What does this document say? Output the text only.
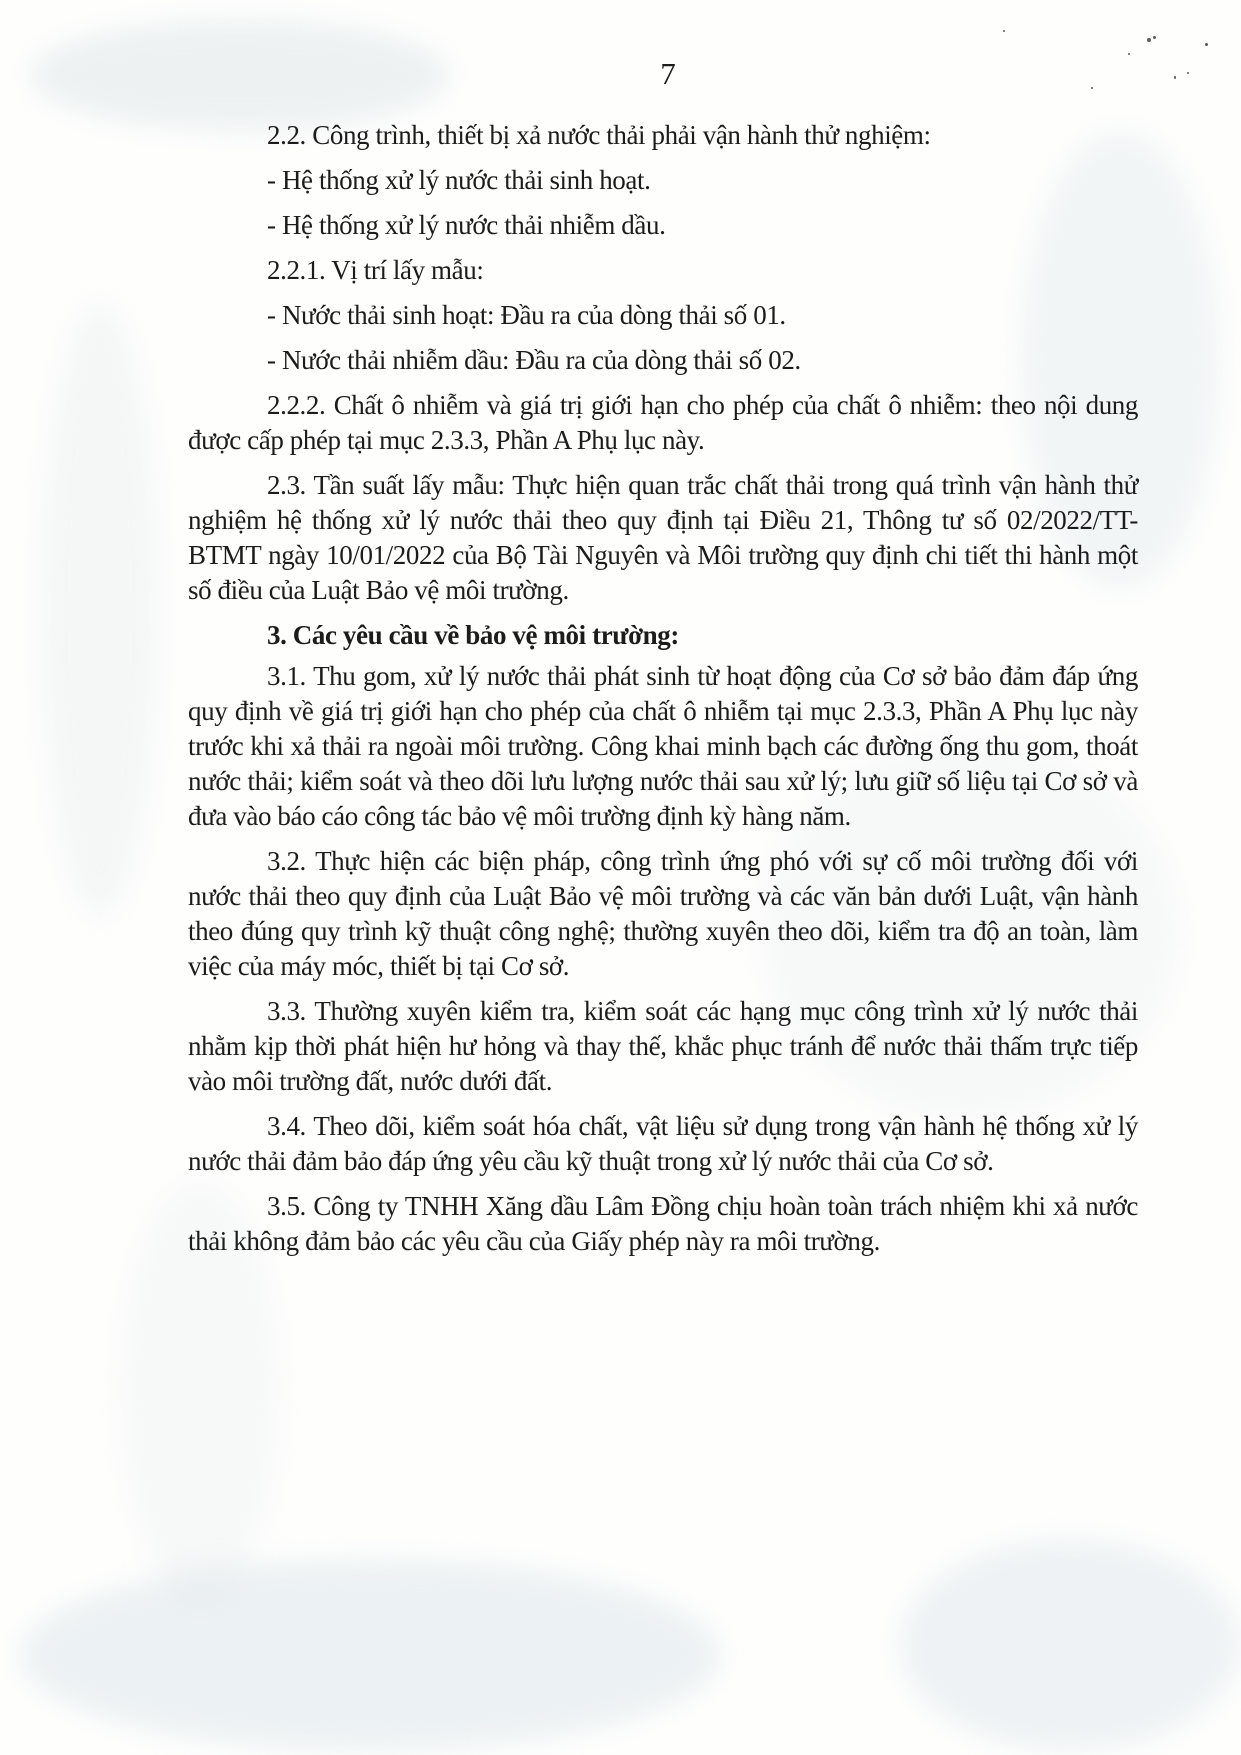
7

2.2. Công trình, thiết bị xả nước thải phải vận hành thử nghiệm:

- Hệ thống xử lý nước thải sinh hoạt.

- Hệ thống xử lý nước thải nhiễm dầu.

2.2.1. Vị trí lấy mẫu:

- Nước thải sinh hoạt: Đầu ra của dòng thải số 01.

- Nước thải nhiễm dầu: Đầu ra của dòng thải số 02.

2.2.2. Chất ô nhiễm và giá trị giới hạn cho phép của chất ô nhiễm: theo nội dung được cấp phép tại mục 2.3.3, Phần A Phụ lục này.

2.3. Tần suất lấy mẫu: Thực hiện quan trắc chất thải trong quá trình vận hành thử nghiệm hệ thống xử lý nước thải theo quy định tại Điều 21, Thông tư số 02/2022/TT- BTMT ngày 10/01/2022 của Bộ Tài Nguyên và Môi trường quy định chi tiết thi hành một số điều của Luật Bảo vệ môi trường.

3. Các yêu cầu về bảo vệ môi trường:

3.1. Thu gom, xử lý nước thải phát sinh từ hoạt động của Cơ sở bảo đảm đáp ứng quy định về giá trị giới hạn cho phép của chất ô nhiễm tại mục 2.3.3, Phần A Phụ lục này trước khi xả thải ra ngoài môi trường. Công khai minh bạch các đường ống thu gom, thoát nước thải; kiểm soát và theo dõi lưu lượng nước thải sau xử lý; lưu giữ số liệu tại Cơ sở và đưa vào báo cáo công tác bảo vệ môi trường định kỳ hàng năm.

3.2. Thực hiện các biện pháp, công trình ứng phó với sự cố môi trường đối với nước thải theo quy định của Luật Bảo vệ môi trường và các văn bản dưới Luật, vận hành theo đúng quy trình kỹ thuật công nghệ; thường xuyên theo dõi, kiểm tra độ an toàn, làm việc của máy móc, thiết bị tại Cơ sở.

3.3. Thường xuyên kiểm tra, kiểm soát các hạng mục công trình xử lý nước thải nhằm kịp thời phát hiện hư hỏng và thay thế, khắc phục tránh để nước thải thấm trực tiếp vào môi trường đất, nước dưới đất.

3.4. Theo dõi, kiểm soát hóa chất, vật liệu sử dụng trong vận hành hệ thống xử lý nước thải đảm bảo đáp ứng yêu cầu kỹ thuật trong xử lý nước thải của Cơ sở.

3.5. Công ty TNHH Xăng dầu Lâm Đồng chịu hoàn toàn trách nhiệm khi xả nước thải không đảm bảo các yêu cầu của Giấy phép này ra môi trường.
